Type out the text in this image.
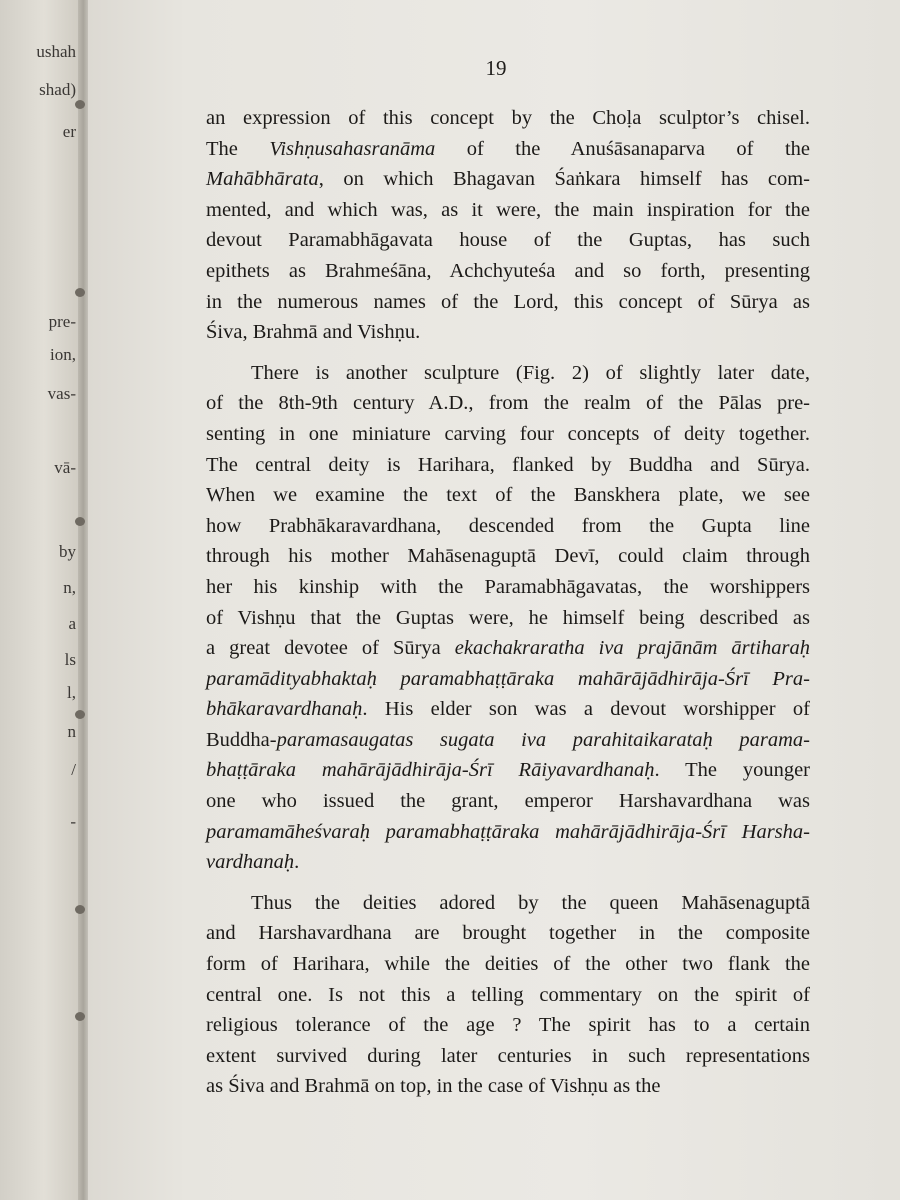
ushah
shad)
er
pre-
ion,
vas-
vā-
by
n,
a
ls
l,
n
/
-
19
an expression of this concept by the Choḷa sculptor’s chisel.
The Vishṇusahasranāma of the Anuśāsanaparva of the
Mahābhārata, on which Bhagavan Śaṅkara himself has com-
mented, and which was, as it were, the main inspiration for the
devout Paramabhāgavata house of the Guptas, has such
epithets as Brahmeśāna, Achchyuteśa and so forth, presenting
in the numerous names of the Lord, this concept of Sūrya as
Śiva, Brahmā and Vishṇu.
There is another sculpture (Fig. 2) of slightly later date,
of the 8th-9th century A.D., from the realm of the Pālas pre-
senting in one miniature carving four concepts of deity together.
The central deity is Harihara, flanked by Buddha and Sūrya.
When we examine the text of the Banskhera plate, we see
how Prabhākaravardhana, descended from the Gupta line
through his mother Mahāsenaguptā Devī, could claim through
her his kinship with the Paramabhāgavatas, the worshippers
of Vishṇu that the Guptas were, he himself being described as
a great devotee of Sūrya ekachakraratha iva prajānām ārtiharaḥ
paramādityabhaktaḥ paramabhaṭṭāraka mahārājādhirāja-Śrī Pra-
bhākaravardhanaḥ. His elder son was a devout worshipper of
Buddha-paramasaugatas sugata iva parahitaikarataḥ parama-
bhaṭṭāraka mahārājādhirāja-Śrī Rāiyavardhanaḥ. The younger
one who issued the grant, emperor Harshavardhana was
paramamāheśvaraḥ paramabhaṭṭāraka mahārājādhirāja-Śrī Harsha-
vardhanaḥ.
Thus the deities adored by the queen Mahāsenaguptā
and Harshavardhana are brought together in the composite
form of Harihara, while the deities of the other two flank the
central one. Is not this a telling commentary on the spirit of
religious tolerance of the age ? The spirit has to a certain
extent survived during later centuries in such representations
as Śiva and Brahmā on top, in the case of Vishṇu as the
